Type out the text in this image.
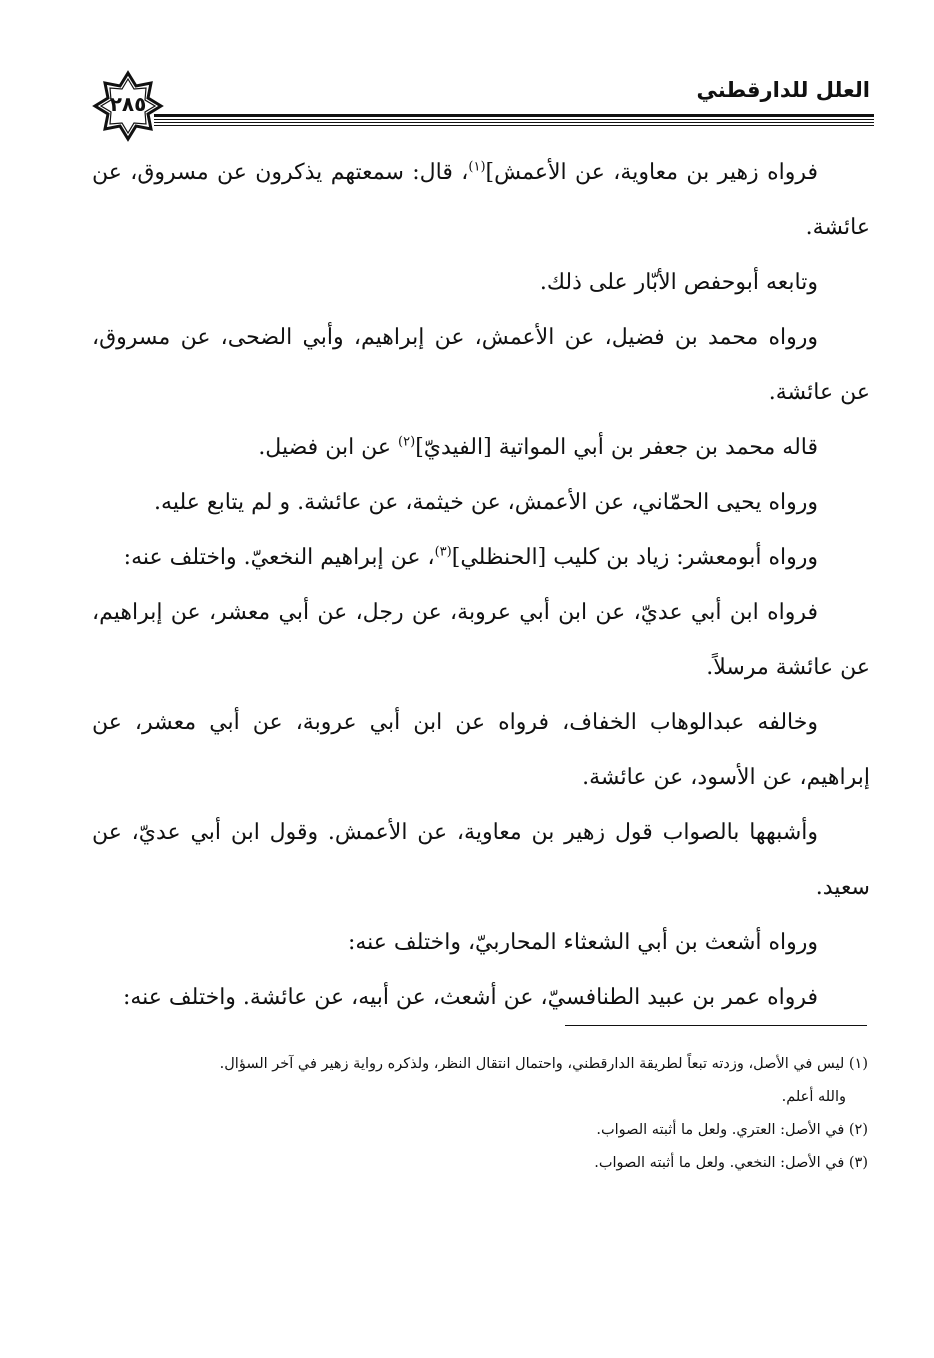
٢٨٥
العلل للدارقطني

فرواه زهير بن معاوية، عن الأعمش]$^{(١)}$، قال: سمعتهم يذكرون عن مسروق، عن عائشة.

وتابعه أبوحفص الأبّار على ذلك.

ورواه محمد بن فضيل، عن الأعمش، عن إبراهيم، وأبي الضحى، عن مسروق، عن عائشة.

قاله محمد بن جعفر بن أبي المواتية [الفيديّ]$^{(٢)}$ عن ابن فضيل.

ورواه يحيى الحمّاني، عن الأعمش، عن خيثمة، عن عائشة. و لم يتابع عليه.

ورواه أبومعشر: زياد بن كليب [الحنظلي]$^{(٣)}$، عن إبراهيم النخعيّ. واختلف عنه:

فرواه ابن أبي عديّ، عن ابن أبي عروبة، عن رجل، عن أبي معشر، عن إبراهيم، عن عائشة مرسلاً.

وخالفه عبدالوهاب الخفاف، فرواه عن ابن أبي عروبة، عن أبي معشر، عن إبراهيم، عن الأسود، عن عائشة.

وأشبهها بالصواب قول زهير بن معاوية، عن الأعمش. وقول ابن أبي عديّ، عن سعيد.

ورواه أشعث بن أبي الشعثاء المحاربيّ، واختلف عنه:

فرواه عمر بن عبيد الطنافسيّ، عن أشعث، عن أبيه، عن عائشة. واختلف عنه:

(١) ليس في الأصل، وزدته تبعاً لطريقة الدارقطني، واحتمال انتقال النظر، ولذكره رواية زهير في آخر السؤال.

والله أعلم.

(٢) في الأصل: العتري. ولعل ما أثبته الصواب.

(٣) في الأصل: النخعي. ولعل ما أثبته الصواب.
